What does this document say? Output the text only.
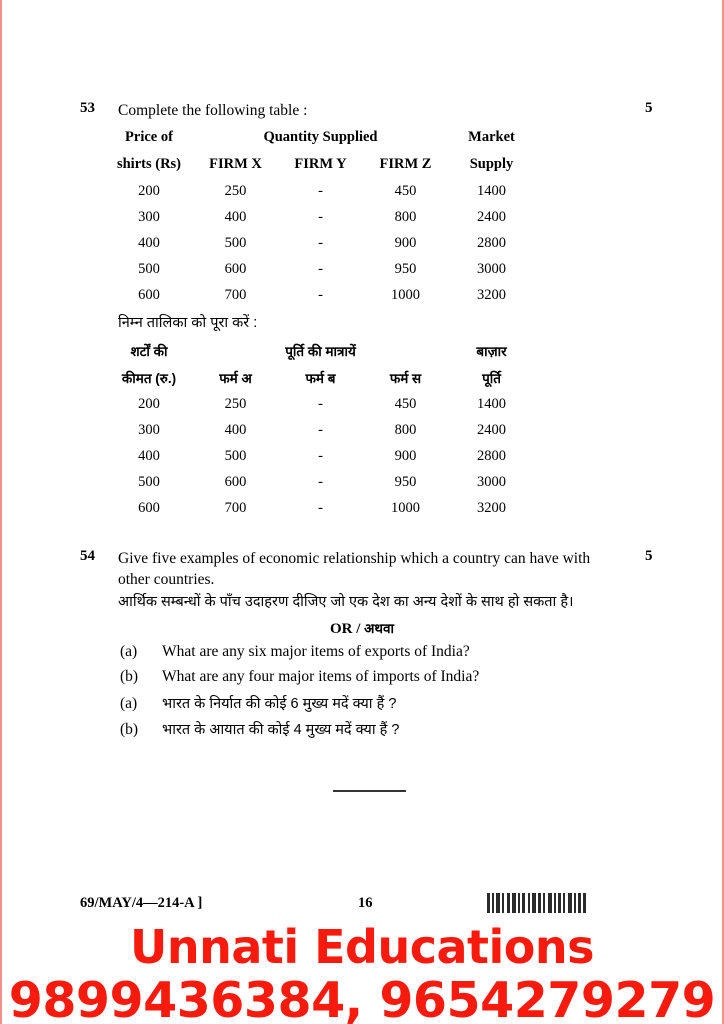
53	Complete the following table :	5
Price of	Quantity Supplied			Market
shirts (Rs)	FIRM X	FIRM Y	FIRM Z	Supply
200	250	-	450	1400
300	400	-	800	2400
400	500	-	900	2800
500	600	-	950	3000
600	700	-	1000	3200
निम्न तालिका को पूरा करें :
शर्टों की	पूर्ति की मात्रायें			बाज़ार
कीमत (रु.)	फर्म अ	फर्म ब	फर्म स	पूर्ति
200	250	-	450	1400
300	400	-	800	2400
400	500	-	900	2800
500	600	-	950	3000
600	700	-	1000	3200
54	Give five examples of economic relationship which a country can have with	5
other countries.
आर्थिक सम्बन्धों के पाँच उदाहरण दीजिए जो एक देश का अन्य देशों के साथ हो सकता है।
OR / अथवा
(a)	What are any six major items of exports of India?
(b)	What are any four major items of imports of India?
(a)	भारत के निर्यात की कोई 6 मुख्य मदें क्या हैं ?
(b)	भारत के आयात की कोई 4 मुख्य मदें क्या हैं ?
69/MAY/4—214-A ]	16
Unnati Educations
9899436384, 9654279279
